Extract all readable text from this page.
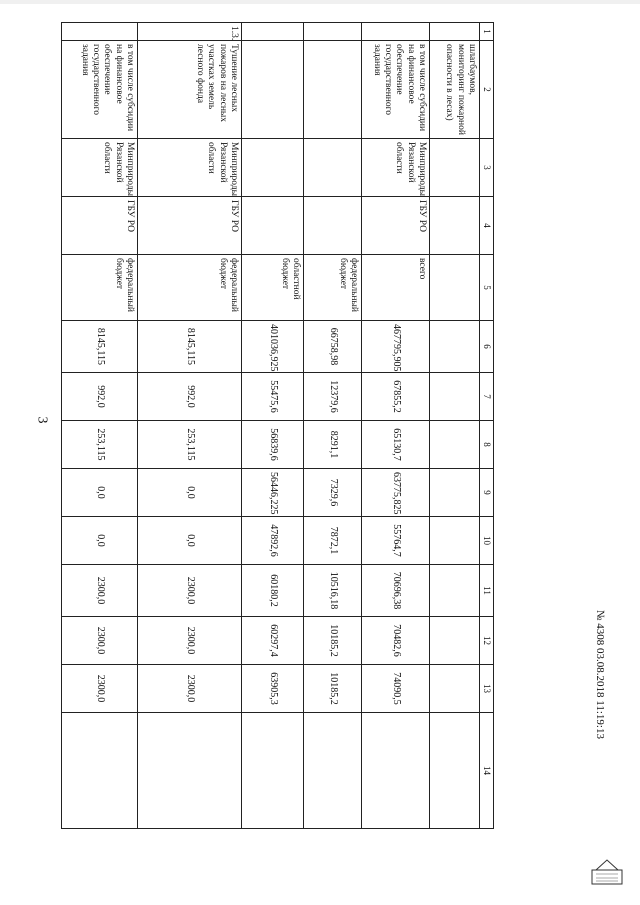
3
1	2	3	4	5	6	7	8	9	10	11	12	13	14
	шлагбаумов, мониторинг пожарной опасности в лесах)												
	в том числе субсидии на финансовое обеспечение государственного задания	Минприроды Рязанской области	ГБУ РО	всего	467795,905	67855,2	65130,7	63775,825	55764,7	70696,38	70482,6	74090,5	
				федеральный бюджет	66758,98	12379,6	8291,1	7329,6	7872,1	10516,18	10185,2	10185,2	
				областной бюджет	401036,925	55475,6	56839,6	56446,225	47892,6	60180,2	60297,4	63905,3	
1.3.	Тушение лесных пожаров на лесных участках земель лесного фонда	Минприроды Рязанской области	ГБУ РО	федеральный бюджет	8145,115	992,0	253,115	0,0	0,0	2300,0	2300,0	2300,0	
	в том числе субсидии на финансовое обеспечение государственного задания	Минприроды Рязанской области	ГБУ РО	федеральный бюджет	8145,115	992,0	253,115	0,0	0,0	2300,0	2300,0	2300,0		№ 4308 03.08.2018 11:19:13
